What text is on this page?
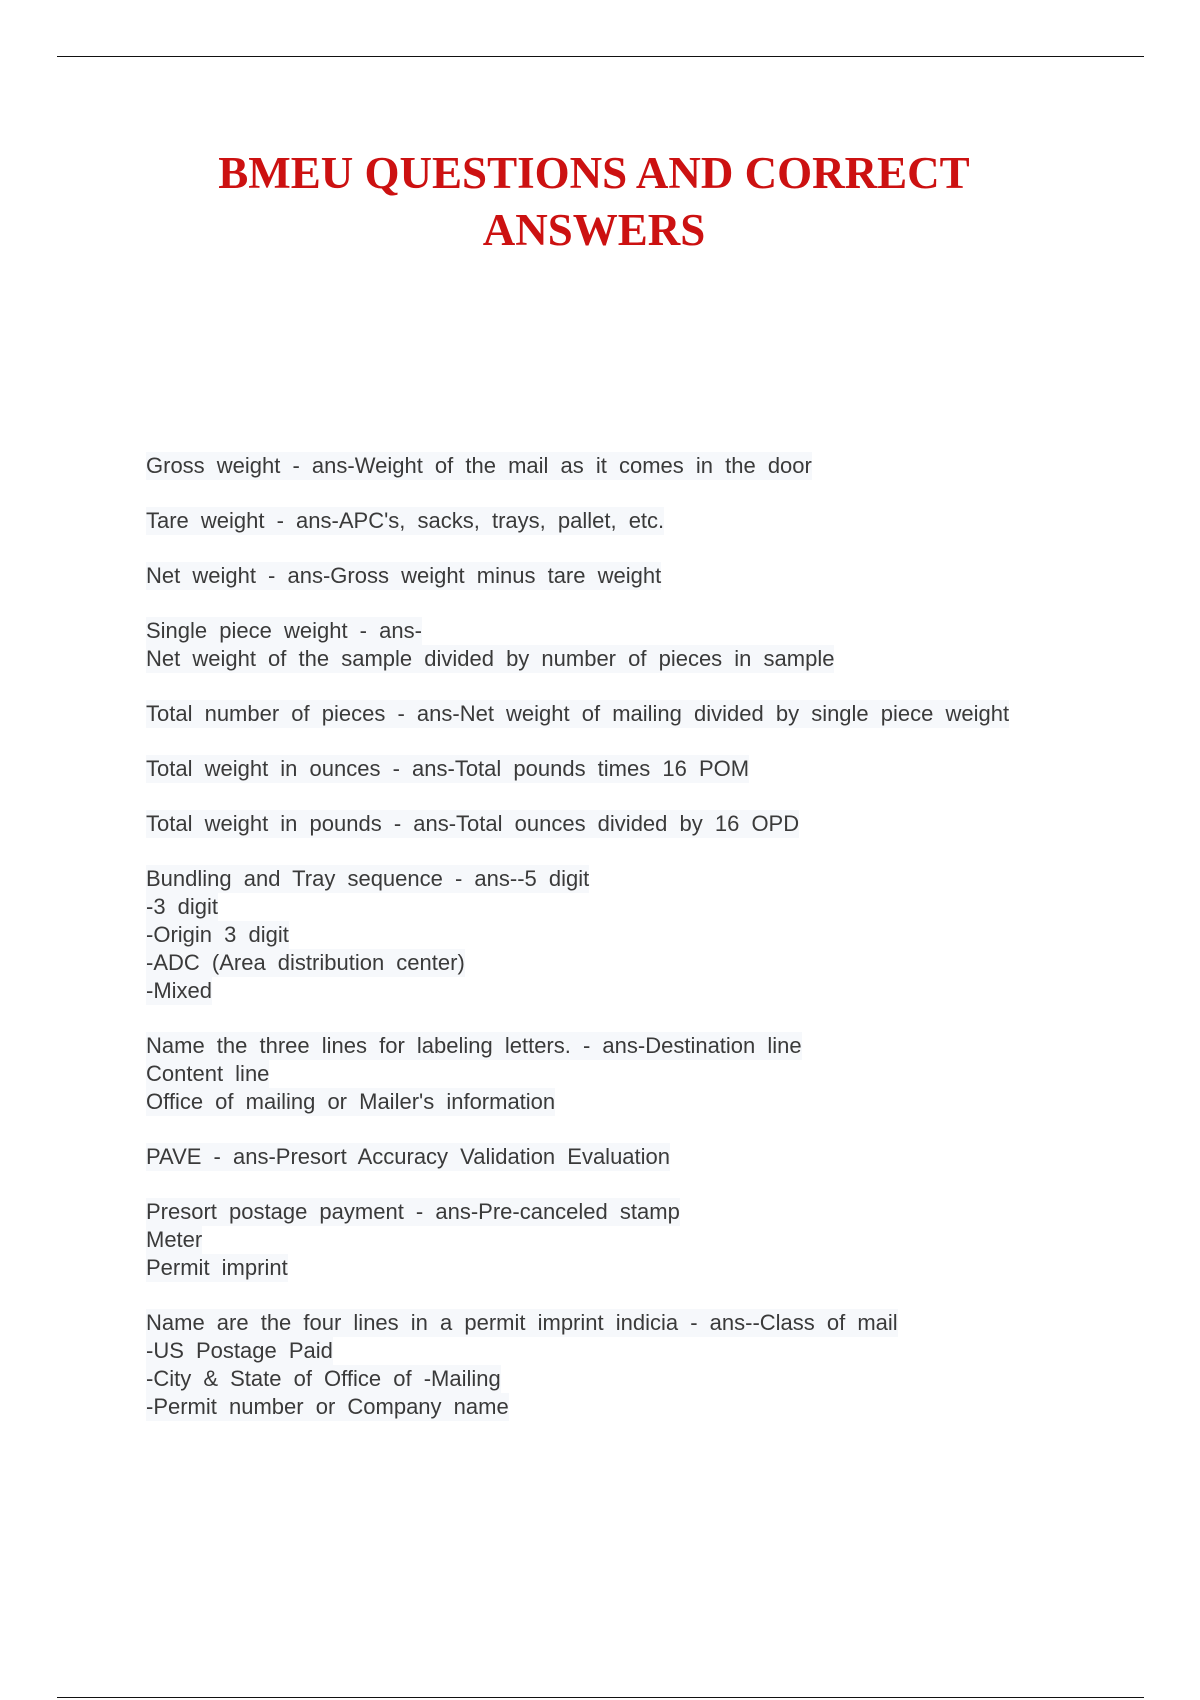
BMEU QUESTIONS AND CORRECT
ANSWERS
Gross weight - ans-Weight of the mail as it comes in the door
Tare weight - ans-APC's, sacks, trays, pallet, etc.
Net weight - ans-Gross weight minus tare weight
Single piece weight - ans-
Net weight of the sample divided by number of pieces in sample
Total number of pieces - ans-Net weight of mailing divided by single piece weight
Total weight in ounces - ans-Total pounds times 16 POM
Total weight in pounds - ans-Total ounces divided by 16 OPD
Bundling and Tray sequence - ans--5 digit
-3 digit
-Origin 3 digit
-ADC (Area distribution center)
-Mixed
Name the three lines for labeling letters. - ans-Destination line
Content line
Office of mailing or Mailer's information
PAVE - ans-Presort Accuracy Validation Evaluation
Presort postage payment - ans-Pre-canceled stamp
Meter
Permit imprint
Name are the four lines in a permit imprint indicia - ans--Class of mail
-US Postage Paid
-City & State of Office of -Mailing
-Permit number or Company name
